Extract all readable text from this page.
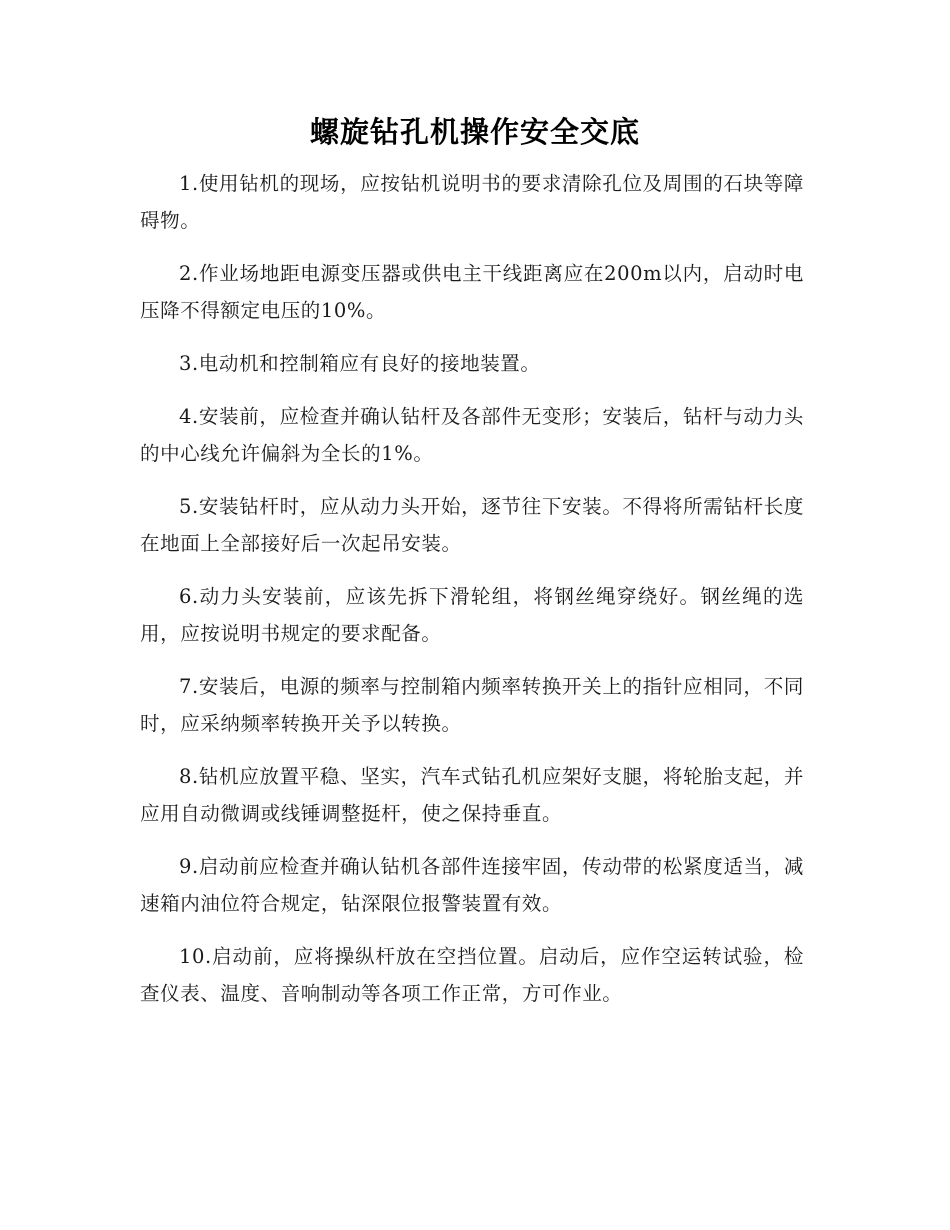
螺旋钻孔机操作安全交底

1.使用钻机的现场，应按钻机说明书的要求清除孔位及周围的石块等障碍物。

2.作业场地距电源变压器或供电主干线距离应在200m以内，启动时电压降不得额定电压的10%。

3.电动机和控制箱应有良好的接地装置。

4.安装前，应检查并确认钻杆及各部件无变形；安装后，钻杆与动力头的中心线允许偏斜为全长的1%。

5.安装钻杆时，应从动力头开始，逐节往下安装。不得将所需钻杆长度在地面上全部接好后一次起吊安装。

6.动力头安装前，应该先拆下滑轮组，将钢丝绳穿绕好。钢丝绳的选用，应按说明书规定的要求配备。

7.安装后，电源的频率与控制箱内频率转换开关上的指针应相同，不同时，应采纳频率转换开关予以转换。

8.钻机应放置平稳、坚实，汽车式钻孔机应架好支腿，将轮胎支起，并应用自动微调或线锤调整挺杆，使之保持垂直。

9.启动前应检查并确认钻机各部件连接牢固，传动带的松紧度适当，减速箱内油位符合规定，钻深限位报警装置有效。

10.启动前，应将操纵杆放在空挡位置。启动后，应作空运转试验，检查仪表、温度、音响制动等各项工作正常，方可作业。
